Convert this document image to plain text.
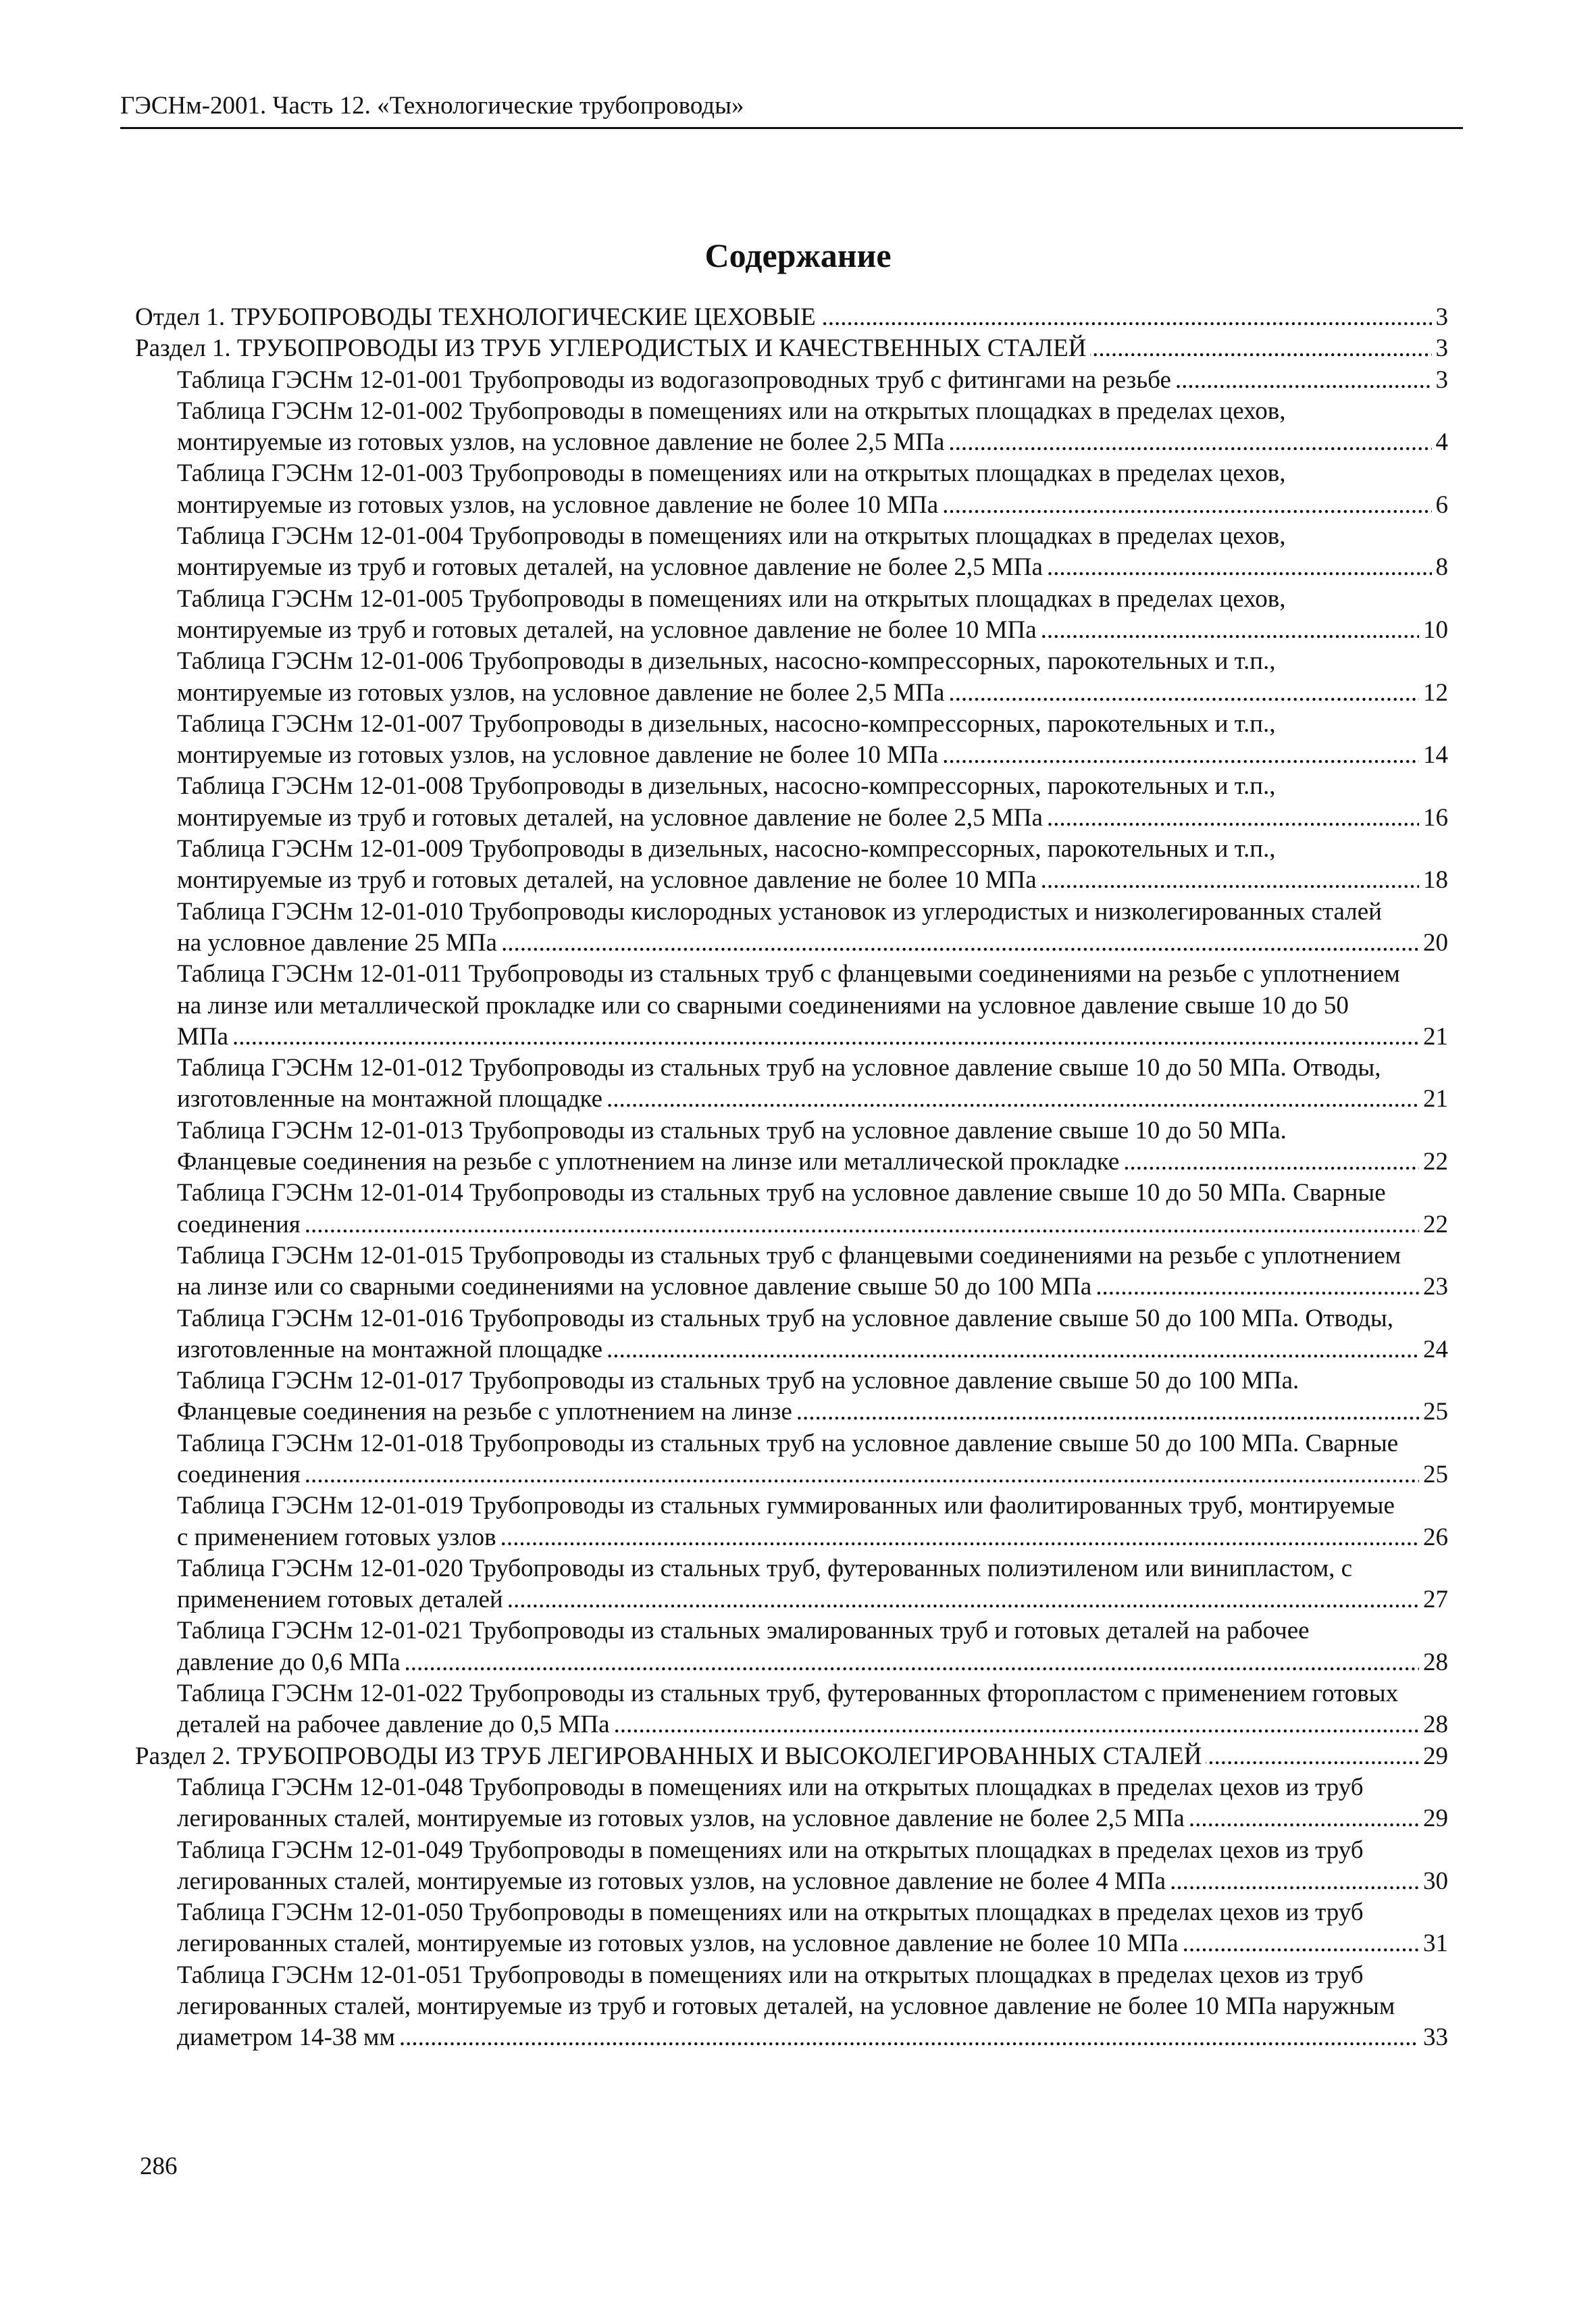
ГЭСНм-2001. Часть 12. «Технологические трубопроводы»
Содержание
Отдел 1. ТРУБОПРОВОДЫ ТЕХНОЛОГИЧЕСКИЕ ЦЕХОВЫЕ .....	3
Раздел 1. ТРУБОПРОВОДЫ ИЗ ТРУБ УГЛЕРОДИСТЫХ И КАЧЕСТВЕННЫХ СТАЛЕЙ .....	3
Таблица ГЭСНм 12-01-001 Трубопроводы из водогазопроводных труб с фитингами на резьбе .....	3
Таблица ГЭСНм 12-01-002 Трубопроводы в помещениях или на открытых площадках в пределах цехов, монтируемые из готовых узлов, на условное давление не более 2,5 МПа .....	4
Таблица ГЭСНм 12-01-003 Трубопроводы в помещениях или на открытых площадках в пределах цехов, монтируемые из готовых узлов, на условное давление не более 10 МПа .....	6
Таблица ГЭСНм 12-01-004 Трубопроводы в помещениях или на открытых площадках в пределах цехов, монтируемые из труб и готовых деталей, на условное давление не более 2,5 МПа .....	8
Таблица ГЭСНм 12-01-005 Трубопроводы в помещениях или на открытых площадках в пределах цехов, монтируемые из труб и готовых деталей, на условное давление не более 10 МПа .....	10
Таблица ГЭСНм 12-01-006 Трубопроводы в дизельных, насосно-компрессорных, парокотельных и т.п., монтируемые из готовых узлов, на условное давление не более 2,5 МПа .....	12
Таблица ГЭСНм 12-01-007 Трубопроводы в дизельных, насосно-компрессорных, парокотельных и т.п., монтируемые из готовых узлов, на условное давление не более 10 МПа .....	14
Таблица ГЭСНм 12-01-008 Трубопроводы в дизельных, насосно-компрессорных, парокотельных и т.п., монтируемые из труб и готовых деталей, на условное давление не более 2,5 МПа .....	16
Таблица ГЭСНм 12-01-009 Трубопроводы в дизельных, насосно-компрессорных, парокотельных и т.п., монтируемые из труб и готовых деталей, на условное давление не более 10 МПа .....	18
Таблица ГЭСНм 12-01-010 Трубопроводы кислородных установок из углеродистых и низколегированных сталей на условное давление 25 МПа .....	20
Таблица ГЭСНм 12-01-011 Трубопроводы из стальных труб с фланцевыми соединениями на резьбе с уплотнением на линзе или металлической прокладке или со сварными соединениями на условное давление свыше 10 до 50 МПа .....	21
Таблица ГЭСНм 12-01-012 Трубопроводы из стальных труб на условное давление свыше 10 до 50 МПа. Отводы, изготовленные на монтажной площадке .....	21
Таблица ГЭСНм 12-01-013 Трубопроводы из стальных труб на условное давление свыше 10 до 50 МПа. Фланцевые соединения на резьбе с уплотнением на линзе или металлической прокладке .....	22
Таблица ГЭСНм 12-01-014 Трубопроводы из стальных труб на условное давление свыше 10 до 50 МПа. Сварные соединения .....	22
Таблица ГЭСНм 12-01-015 Трубопроводы из стальных труб с фланцевыми соединениями на резьбе с уплотнением на линзе или со сварными соединениями на условное давление свыше 50 до 100 МПа .....	23
Таблица ГЭСНм 12-01-016 Трубопроводы из стальных труб на условное давление свыше 50 до 100 МПа. Отводы, изготовленные на монтажной площадке .....	24
Таблица ГЭСНм 12-01-017 Трубопроводы из стальных труб на условное давление свыше 50 до 100 МПа. Фланцевые соединения на резьбе с уплотнением на линзе .....	25
Таблица ГЭСНм 12-01-018 Трубопроводы из стальных труб на условное давление свыше 50 до 100 МПа. Сварные соединения .....	25
Таблица ГЭСНм 12-01-019 Трубопроводы из стальных гуммированных или фаолитированных труб, монтируемые с применением готовых узлов .....	26
Таблица ГЭСНм 12-01-020 Трубопроводы из стальных труб, футерованных полиэтиленом или винипластом, с применением готовых деталей .....	27
Таблица ГЭСНм 12-01-021 Трубопроводы из стальных эмалированных труб и готовых деталей на рабочее давление до 0,6 МПа .....	28
Таблица ГЭСНм 12-01-022 Трубопроводы из стальных труб, футерованных фторопластом с применением готовых деталей на рабочее давление до 0,5 МПа .....	28
Раздел 2. ТРУБОПРОВОДЫ ИЗ ТРУБ ЛЕГИРОВАННЫХ И ВЫСОКОЛЕГИРОВАННЫХ СТАЛЕЙ .....	29
Таблица ГЭСНм 12-01-048 Трубопроводы в помещениях или на открытых площадках в пределах цехов из труб легированных сталей, монтируемые из готовых узлов, на условное давление не более 2,5 МПа .....	29
Таблица ГЭСНм 12-01-049 Трубопроводы в помещениях или на открытых площадках в пределах цехов из труб легированных сталей, монтируемые из готовых узлов, на условное давление не более 4 МПа .....	30
Таблица ГЭСНм 12-01-050 Трубопроводы в помещениях или на открытых площадках в пределах цехов из труб легированных сталей, монтируемые из готовых узлов, на условное давление не более 10 МПа .....	31
Таблица ГЭСНм 12-01-051 Трубопроводы в помещениях или на открытых площадках в пределах цехов из труб легированных сталей, монтируемые из труб и готовых деталей, на условное давление не более 10 МПа наружным диаметром 14-38 мм .....	33
286
